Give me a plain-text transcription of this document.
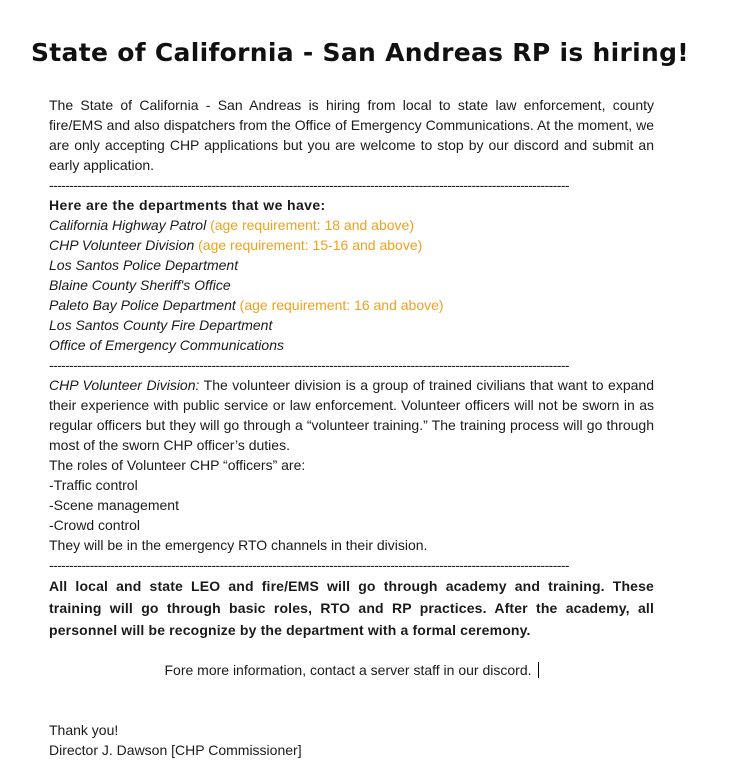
State of California - San Andreas RP is hiring!

The State of California - San Andreas is hiring from local to state law enforcement, county fire/EMS and also dispatchers from the Office of Emergency Communications. At the moment, we are only accepting CHP applications but you are welcome to stop by our discord and submit an early application.

--------------------------------------------------------------------------------------------------------------------------------
Here are the departments that we have:
California Highway Patrol (age requirement: 18 and above)
CHP Volunteer Division (age requirement: 15-16 and above)
Los Santos Police Department
Blaine County Sheriff's Office
Paleto Bay Police Department (age requirement: 16 and above)
Los Santos County Fire Department
Office of Emergency Communications
--------------------------------------------------------------------------------------------------------------------------------

CHP Volunteer Division: The volunteer division is a group of trained civilians that want to expand their experience with public service or law enforcement. Volunteer officers will not be sworn in as regular officers but they will go through a “volunteer training.” The training process will go through most of the sworn CHP officer’s duties.

The roles of Volunteer CHP “officers” are:
-Traffic control
-Scene management
-Crowd control
They will be in the emergency RTO channels in their division.
--------------------------------------------------------------------------------------------------------------------------------

All local and state LEO and fire/EMS will go through academy and training. These training will go through basic roles, RTO and RP practices. After the academy, all personnel will be recognize by the department with a formal ceremony.

Fore more information, contact a server staff in our discord.
Thank you!
Director J. Dawson [CHP Commissioner]
